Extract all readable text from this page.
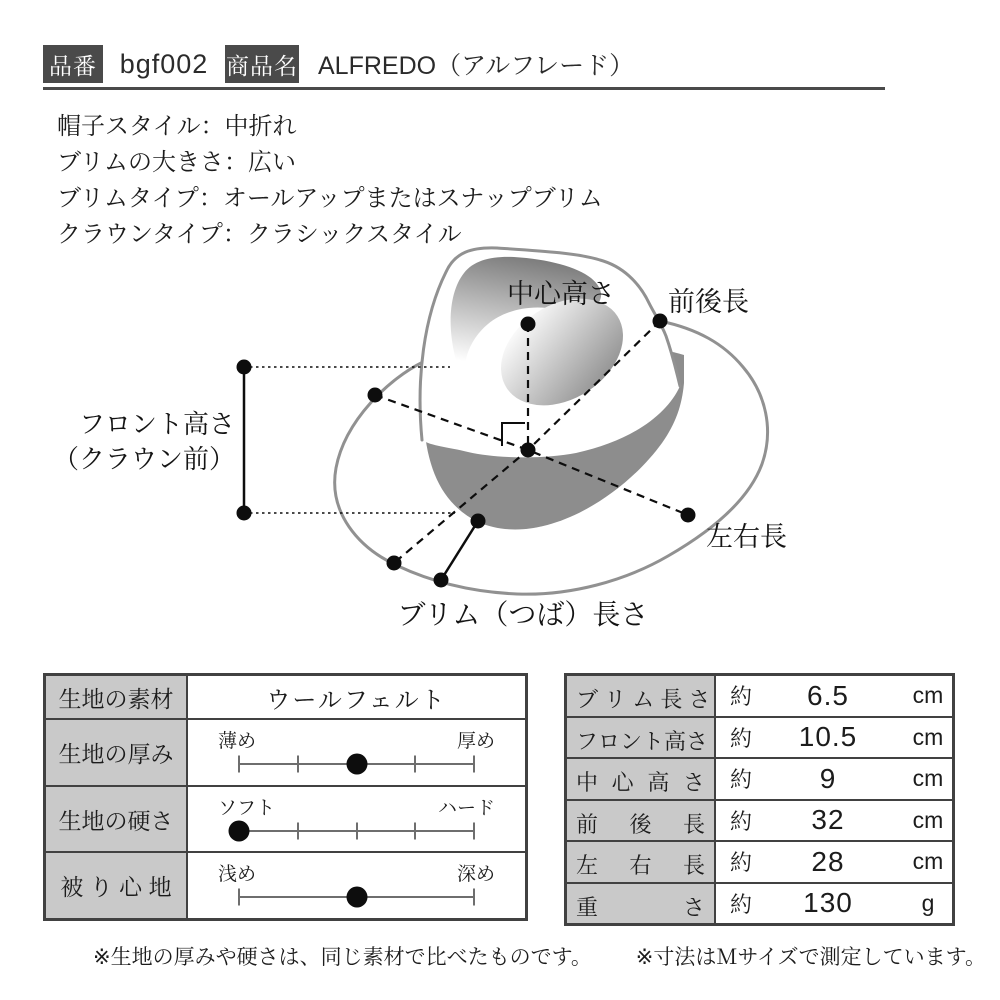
品番 bgf002 商品名 ALFREDO（アルフレード）
帽子スタイル：中折れ
ブリムの大きさ：広い
ブリムタイプ：オールアップまたはスナップブリム
クラウンタイプ：クラシックスタイル
中心高さ 前後長
フロント高さ
（クラウン前）
左右長
ブリム（つば）長さ
生地の素材	ウールフェルト
生地の厚み	薄め	厚め
生地の硬さ	ソフト	ハード
被 り 心 地	浅め	深め
ブ リ ム 長 さ 約	6.5	cm
フロント高さ 約	10.5	cm
中 心 高 さ	約	9	cm
前 後 長	約	32	cm
左 右 長	約	28	cm
重 さ	約	130	g
※生地の厚みや硬さは、同じ素材で比べたものです。	※寸法はＭサイズで測定しています。
